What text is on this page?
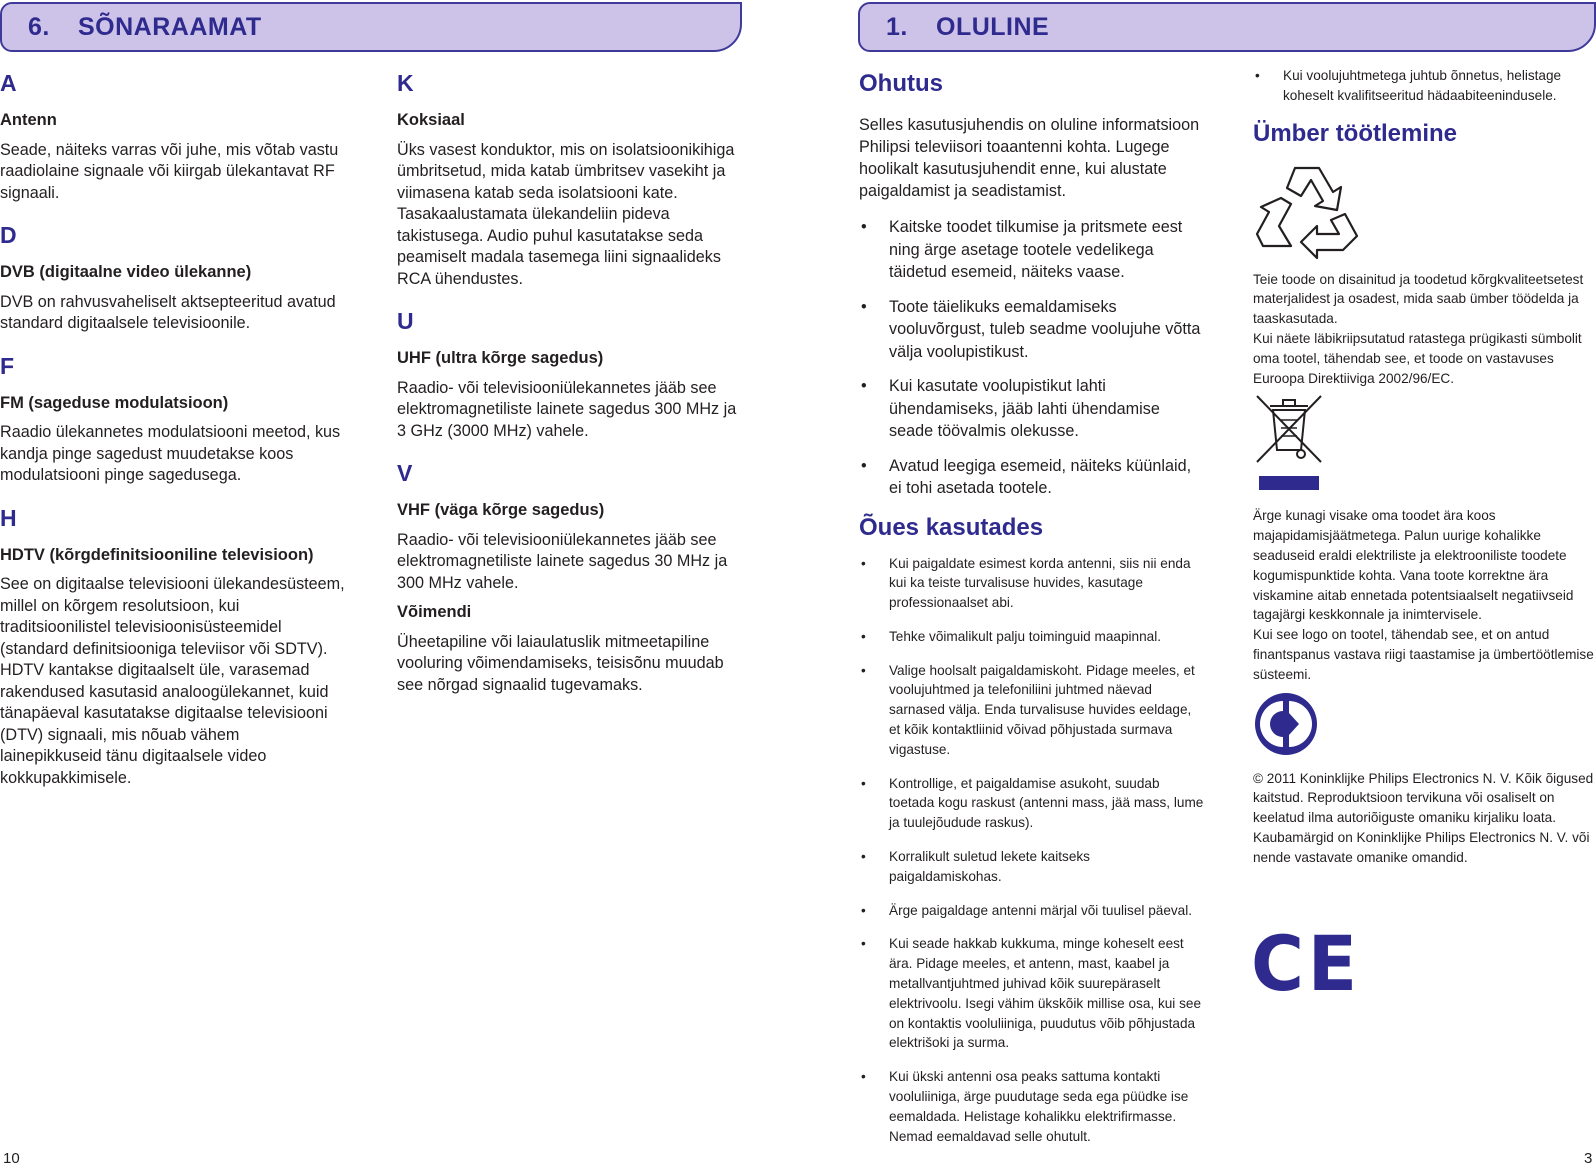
6. SÕNARAAMAT	1. OLULINE
A
Antenn

Seade, näiteks varras või juhe, mis võtab vastu raadiolaine signaale või kiirgab ülekantavat RF signaali.

D
DVB (digitaalne video ülekanne)

DVB on rahvusvaheliselt aktsepteeritud avatud standard digitaalsele televisioonile.

F
FM (sageduse modulatsioon)

Raadio ülekannetes modulatsiooni meetod, kus kandja pinge sagedust muudetakse koos modulatsiooni pinge sagedusega.

H
HDTV (kõrgdefinitsiooniline televisioon)

See on digitaalse televisiooni ülekandesüsteem, millel on kõrgem resolutsioon, kui traditsioonilistel televisioonisüsteemidel (standard definitsiooniga televiisor või SDTV). HDTV kantakse digitaalselt üle, varasemad rakendused kasutasid analoogülekannet, kuid tänapäeval kasutatakse digitaalse televisiooni (DTV) signaali, mis nõuab vähem lainepikkuseid tänu digitaalsele video kokkupakkimisele.

K
Koksiaal

Üks vasest konduktor, mis on isolatsioonikihiga ümbritsetud, mida katab ümbritsev vasekiht ja viimasena katab seda isolatsiooni kate. Tasakaalustamata ülekandeliin pideva takistusega. Audio puhul kasutatakse seda peamiselt madala tasemega liini signaalideks RCA ühendustes.

U
UHF (ultra kõrge sagedus)

Raadio- või televisiooniülekannetes jääb see elektromagnetiliste lainete sagedus 300 MHz ja 3 GHz (3000 MHz) vahele.

V
VHF (väga kõrge sagedus)

Raadio- või televisiooniülekannetes jääb see elektromagnetiliste lainete sagedus 30 MHz ja 300 MHz vahele.

Võimendi

Üheetapiline või laiaulatuslik mitmeetapiline vooluring võimendamiseks, teisisõnu muudab see nõrgad signaalid tugevamaks.

Ohutus

Selles kasutusjuhendis on oluline informatsioon Philipsi televiisori toaantenni kohta. Lugege hoolikalt kasutusjuhendit enne, kui alustate paigaldamist ja seadistamist.

• Kaitske toodet tilkumise ja pritsmete eest ning ärge asetage tootele vedelikega täidetud esemeid, näiteks vaase.
• Toote täielikuks eemaldamiseks vooluvõrgust, tuleb seadme voolujuhe võtta välja voolupistikust.
• Kui kasutate voolupistikut lahti ühendamiseks, jääb lahti ühendamise seade töövalmis olekusse.
• Avatud leegiga esemeid, näiteks küünlaid, ei tohi asetada tootele.
Õues kasutades
• Kui paigaldate esimest korda antenni, siis nii enda kui ka teiste turvalisuse huvides, kasutage professionaalset abi.
• Tehke võimalikult palju toiminguid maapinnal.
• Valige hoolsalt paigaldamiskoht. Pidage meeles, et voolujuhtmed ja telefoniliini juhtmed näevad sarnased välja. Enda turvalisuse huvides eeldage, et kõik kontaktliinid võivad põhjustada surmava vigastuse.
• Kontrollige, et paigaldamise asukoht, suudab toetada kogu raskust (antenni mass, jää mass, lume ja tuulejõudude raskus).
• Korralikult suletud lekete kaitseks paigaldamiskohas.
• Ärge paigaldage antenni märjal või tuulisel päeval.
• Kui seade hakkab kukkuma, minge koheselt eest ära. Pidage meeles, et antenn, mast, kaabel ja metallvantjuhtmed juhivad kõik suurepäraselt elektrivoolu. Isegi vähim ükskõik millise osa, kui see on kontaktis vooluliiniga, puudutus võib põhjustada elektrišoki ja surma.
• Kui ükski antenni osa peaks sattuma kontakti vooluliiniga, ärge puudutage seda ega püüdke ise eemaldada. Helistage kohalikku elektrifirmasse. Nemad eemaldavad selle ohutult.
• Kui voolujuhtmetega juhtub õnnetus, helistage koheselt kvalifitseeritud hädaabiteenindusele.
Ümber töötlemine

Teie toode on disainitud ja toodetud kõrgkvaliteetsetest materjalidest ja osadest, mida saab ümber töödelda ja taaskasutada.

Kui näete läbikriipsutatud ratastega prügikasti sümbolit oma tootel, tähendab see, et toode on vastavuses Euroopa Direktiiviga 2002/96/EC.

Ärge kunagi visake oma toodet ära koos majapidamisjäätmetega. Palun uurige kohalikke seaduseid eraldi elektriliste ja elektrooniliste toodete kogumispunktide kohta. Vana toote korrektne ära viskamine aitab ennetada potentsiaalselt negatiivseid tagajärgi keskkonnale ja inimtervisele.

Kui see logo on tootel, tähendab see, et on antud finantspanus vastava riigi taastamise ja ümbertöötlemise süsteemi.

© 2011 Koninklijke Philips Electronics N. V. Kõik õigused kaitstud. Reproduktsioon tervikuna või osaliselt on keelatud ilma autoriõiguste omaniku kirjaliku loata. Kaubamärgid on Koninklijke Philips Electronics N. V. või nende vastavate omanike omandid.

CE
10	3
